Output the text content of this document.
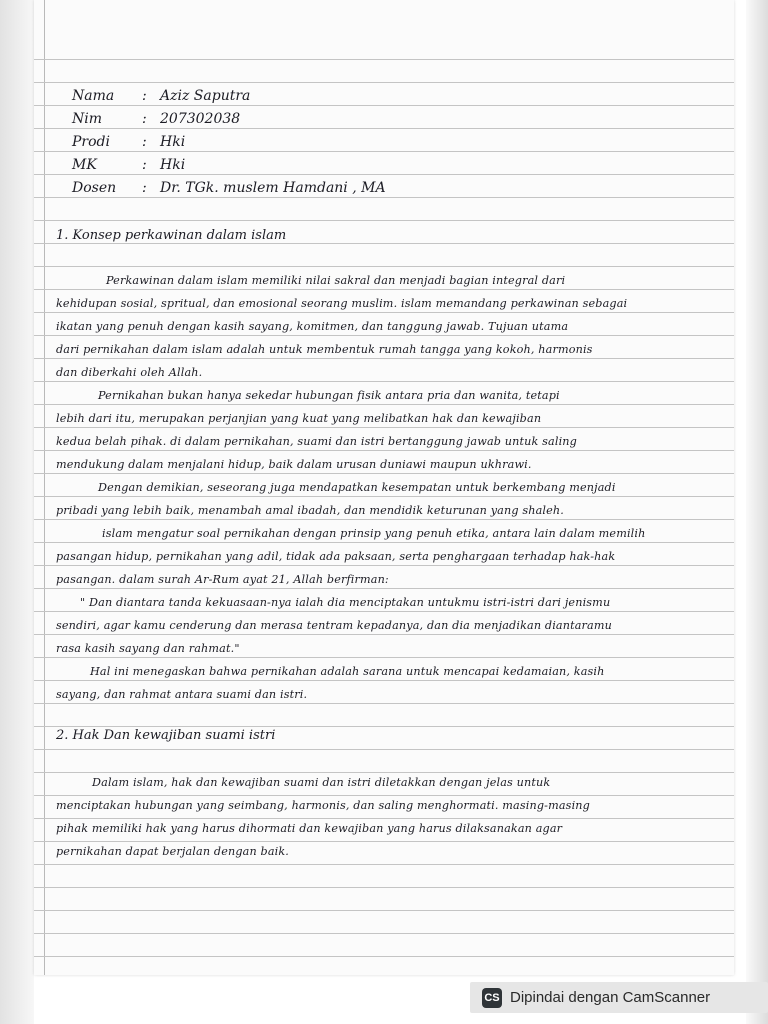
Nama : Aziz Saputra
Nim	: 207302038
Prodi : Hki
MK	: Hki
Dosen : Dr. TGk. muslem Hamdani , MA
1. Konsep perkawinan dalam islam
Perkawinan dalam islam memiliki nilai sakral dan menjadi bagian integral dari
kehidupan sosial, spritual, dan emosional seorang muslim. islam memandang perkawinan sebagai
ikatan yang penuh dengan kasih sayang, komitmen, dan tanggung jawab. Tujuan utama
dari pernikahan dalam islam adalah untuk membentuk rumah tangga yang kokoh, harmonis
dan diberkahi oleh Allah.
Pernikahan bukan hanya sekedar hubungan fisik antara pria dan wanita, tetapi
lebih dari itu, merupakan perjanjian yang kuat yang melibatkan hak dan kewajiban
kedua belah pihak. di dalam pernikahan, suami dan istri bertanggung jawab untuk saling
mendukung dalam menjalani hidup, baik dalam urusan duniawi maupun ukhrawi.
Dengan demikian, seseorang juga mendapatkan kesempatan untuk berkembang menjadi
pribadi yang lebih baik, menambah amal ibadah, dan mendidik keturunan yang shaleh.
islam mengatur soal pernikahan dengan prinsip yang penuh etika, antara lain dalam memilih
pasangan hidup, pernikahan yang adil, tidak ada paksaan, serta penghargaan terhadap hak-hak
pasangan. dalam surah Ar-Rum ayat 21, Allah berfirman:
" Dan diantara tanda kekuasaan-nya ialah dia menciptakan untukmu istri-istri dari jenismu
sendiri, agar kamu cenderung dan merasa tentram kepadanya, dan dia menjadikan diantaramu
rasa kasih sayang dan rahmat."
Hal ini menegaskan bahwa pernikahan adalah sarana untuk mencapai kedamaian, kasih
sayang, dan rahmat antara suami dan istri.
2. Hak Dan kewajiban suami istri
Dalam islam, hak dan kewajiban suami dan istri diletakkan dengan jelas untuk
menciptakan hubungan yang seimbang, harmonis, dan saling menghormati. masing-masing
pihak memiliki hak yang harus dihormati dan kewajiban yang harus dilaksanakan agar
pernikahan dapat berjalan dengan baik.
CS Dipindai dengan CamScanner
